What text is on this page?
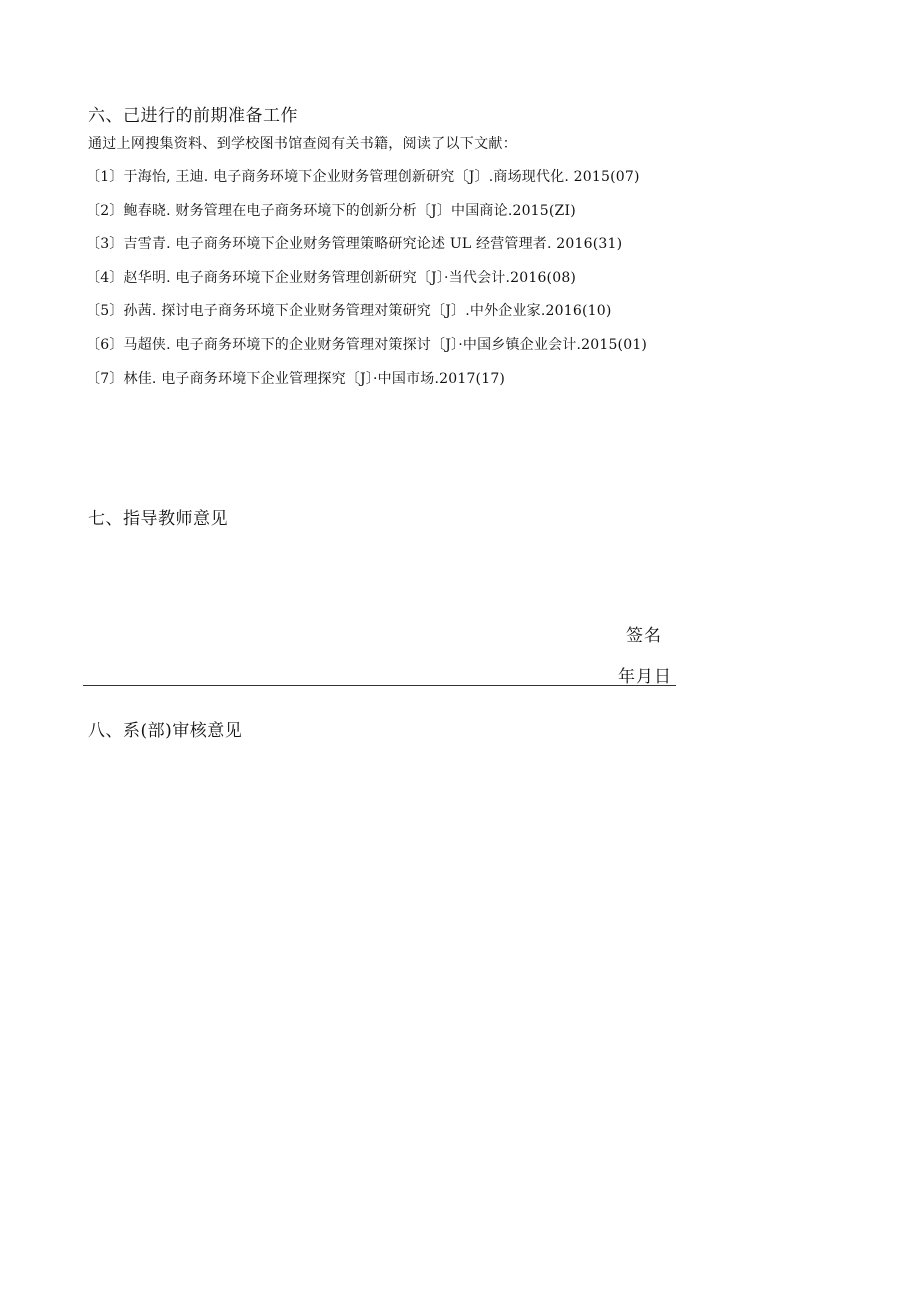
六、己进行的前期准备工作
通过上网搜集资料、到学校图书馆查阅有关书籍，阅读了以下文献：
〔1〕于海怡, 王迪. 电子商务环境下企业财务管理创新研究〔J〕.商场现代化. 2015(07)
〔2〕鲍春晓. 财务管理在电子商务环境下的创新分析〔J〕中国商论.2015(ZI)
〔3〕吉雪青. 电子商务环境下企业财务管理策略研究论述 UL 经营管理者. 2016(31)
〔4〕赵华明. 电子商务环境下企业财务管理创新研究〔J〕·当代会计.2016(08)
〔5〕孙茜. 探讨电子商务环境下企业财务管理对策研究〔J〕.中外企业家.2016(10)
〔6〕马超侠. 电子商务环境下的企业财务管理对策探讨〔J〕·中国乡镇企业会计.2015(01)
〔7〕林佳. 电子商务环境下企业管理探究〔J〕·中国市场.2017(17)
七、指导教师意见
签名
年月日
八、系(部)审核意见
